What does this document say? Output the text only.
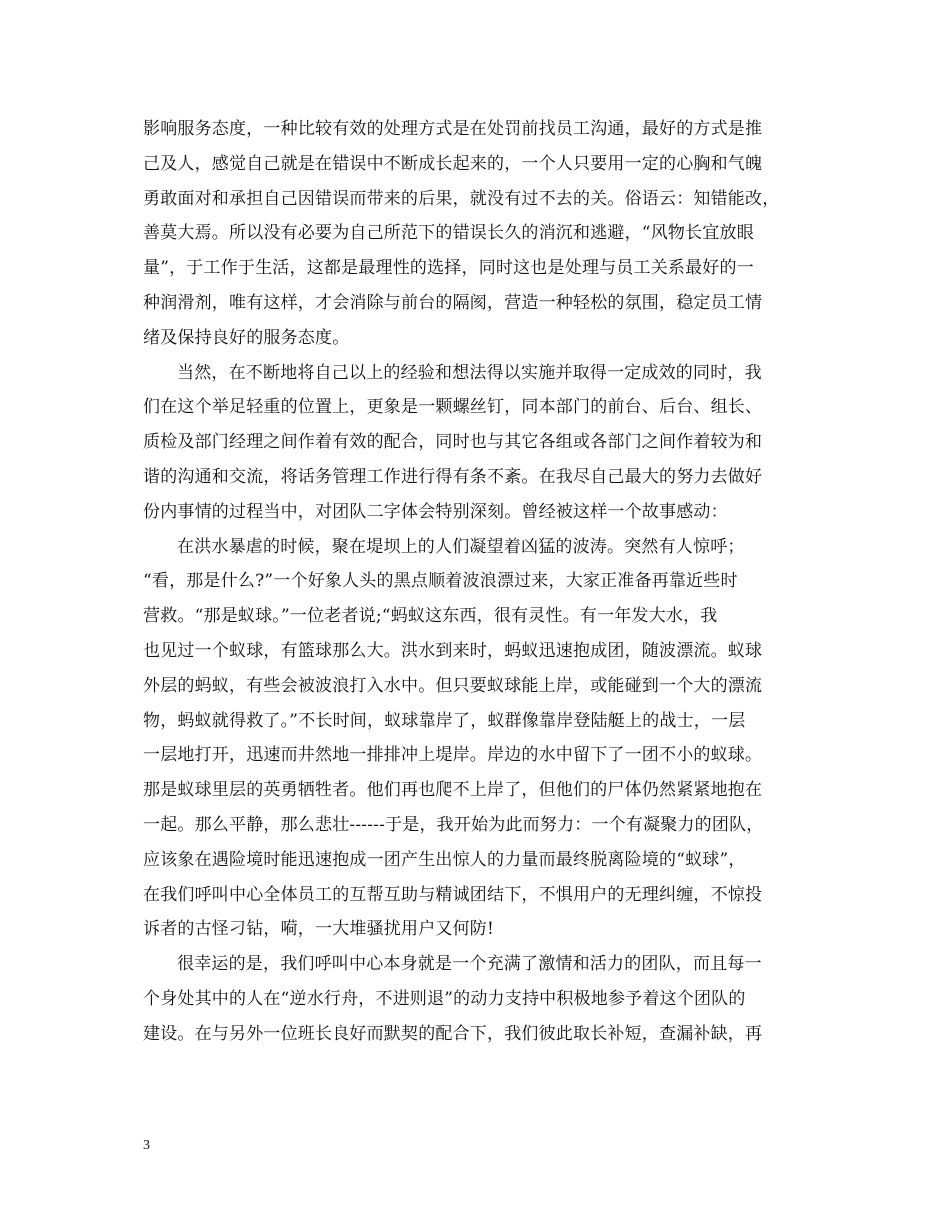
影响服务态度，一种比较有效的处理方式是在处罚前找员工沟通，最好的方式是推
己及人，感觉自己就是在错误中不断成长起来的，一个人只要用一定的心胸和气魄
勇敢面对和承担自己因错误而带来的后果，就没有过不去的关。俗语云：知错能改，
善莫大焉。所以没有必要为自己所范下的错误长久的消沉和逃避，“风物长宜放眼
量”，于工作于生活，这都是最理性的选择，同时这也是处理与员工关系最好的一
种润滑剂，唯有这样，才会消除与前台的隔阂，营造一种轻松的氛围，稳定员工情
绪及保持良好的服务态度。
当然，在不断地将自己以上的经验和想法得以实施并取得一定成效的同时，我
们在这个举足轻重的位置上，更象是一颗螺丝钉，同本部门的前台、后台、组长、
质检及部门经理之间作着有效的配合，同时也与其它各组或各部门之间作着较为和
谐的沟通和交流，将话务管理工作进行得有条不紊。在我尽自己最大的努力去做好
份内事情的过程当中，对团队二字体会特别深刻。曾经被这样一个故事感动：
在洪水暴虐的时候，聚在堤坝上的人们凝望着凶猛的波涛。突然有人惊呼；
“看，那是什么?”一个好象人头的黑点顺着波浪漂过来，大家正准备再靠近些时
营救。“那是蚁球。”一位老者说;“蚂蚁这东西，很有灵性。有一年发大水，我
也见过一个蚁球，有篮球那么大。洪水到来时，蚂蚁迅速抱成团，随波漂流。蚁球
外层的蚂蚁，有些会被波浪打入水中。但只要蚁球能上岸，或能碰到一个大的漂流
物，蚂蚁就得救了。”不长时间，蚁球靠岸了，蚁群像靠岸登陆艇上的战士，一层
一层地打开，迅速而井然地一排排冲上堤岸。岸边的水中留下了一团不小的蚁球。
那是蚁球里层的英勇牺牲者。他们再也爬不上岸了，但他们的尸体仍然紧紧地抱在
一起。那么平静，那么悲壮------于是，我开始为此而努力：一个有凝聚力的团队，
应该象在遇险境时能迅速抱成一团产生出惊人的力量而最终脱离险境的“蚁球”，
在我们呼叫中心全体员工的互帮互助与精诚团结下，不惧用户的无理纠缠，不惊投
诉者的古怪刁钻，嗬，一大堆骚扰用户又何防!
很幸运的是，我们呼叫中心本身就是一个充满了激情和活力的团队，而且每一
个身处其中的人在“逆水行舟，不进则退”的动力支持中积极地参予着这个团队的
建设。在与另外一位班长良好而默契的配合下，我们彼此取长补短，查漏补缺，再
3
